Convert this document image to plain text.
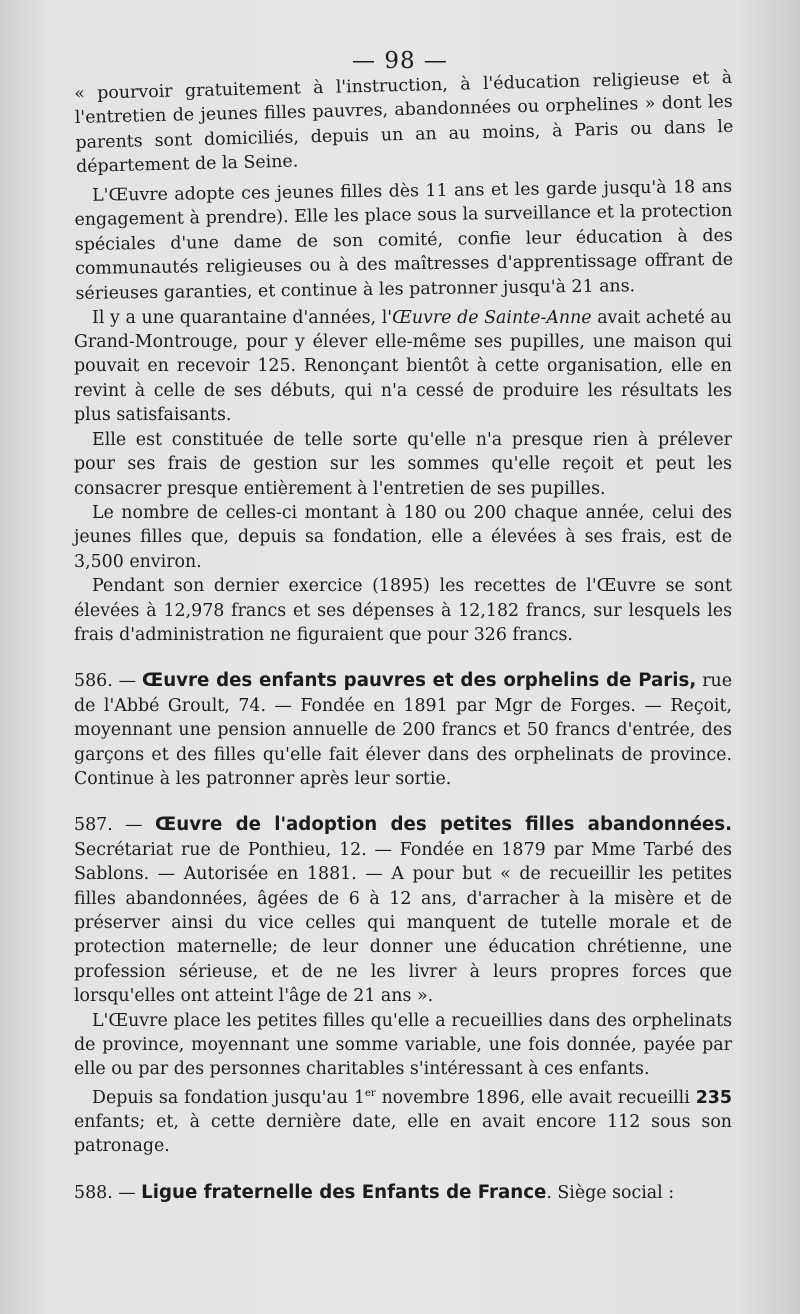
— 98 —

« pourvoir gratuitement à l'instruction, à l'éducation religieuse et à l'entretien de jeunes filles pauvres, abandonnées ou orphelines » dont les parents sont domiciliés, depuis un an au moins, à Paris ou dans le département de la Seine.

L'Œuvre adopte ces jeunes filles dès 11 ans et les garde jusqu'à 18 ans engagement à prendre). Elle les place sous la surveillance et la protection spéciales d'une dame de son comité, confie leur éducation à des communautés religieuses ou à des maîtresses d'apprentissage offrant de sérieuses garanties, et continue à les patronner jusqu'à 21 ans.

Il y a une quarantaine d'années, l'Œuvre de Sainte-Anne avait acheté au Grand-Montrouge, pour y élever elle-même ses pupilles, une maison qui pouvait en recevoir 125. Renonçant bientôt à cette organisation, elle en revint à celle de ses débuts, qui n'a cessé de produire les résultats les plus satisfaisants.

Elle est constituée de telle sorte qu'elle n'a presque rien à prélever pour ses frais de gestion sur les sommes qu'elle reçoit et peut les consacrer presque entièrement à l'entretien de ses pupilles.

Le nombre de celles-ci montant à 180 ou 200 chaque année, celui des jeunes filles que, depuis sa fondation, elle a élevées à ses frais, est de 3,500 environ.

Pendant son dernier exercice (1895) les recettes de l'Œuvre se sont élevées à 12,978 francs et ses dépenses à 12,182 francs, sur lesquels les frais d'administration ne figuraient que pour 326 francs.

586. — Œuvre des enfants pauvres et des orphelins de Paris, rue de l'Abbé Groult, 74. — Fondée en 1891 par Mgr de Forges. — Reçoit, moyennant une pension annuelle de 200 francs et 50 francs d'entrée, des garçons et des filles qu'elle fait élever dans des orphelinats de province. Continue à les patronner après leur sortie.

587. — Œuvre de l'adoption des petites filles abandonnées. Secrétariat rue de Ponthieu, 12. — Fondée en 1879 par Mme Tarbé des Sablons. — Autorisée en 1881. — A pour but « de recueillir les petites filles abandonnées, âgées de 6 à 12 ans, d'arracher à la misère et de préserver ainsi du vice celles qui manquent de tutelle morale et de protection maternelle; de leur donner une éducation chrétienne, une profession sérieuse, et de ne les livrer à leurs propres forces que lorsqu'elles ont atteint l'âge de 21 ans ».

L'Œuvre place les petites filles qu'elle a recueillies dans des orphelinats de province, moyennant une somme variable, une fois donnée, payée par elle ou par des personnes charitables s'intéressant à ces enfants.

Depuis sa fondation jusqu'au 1er novembre 1896, elle avait recueilli 235 enfants; et, à cette dernière date, elle en avait encore 112 sous son patronage.

588. — Ligue fraternelle des Enfants de France. Siège social :
